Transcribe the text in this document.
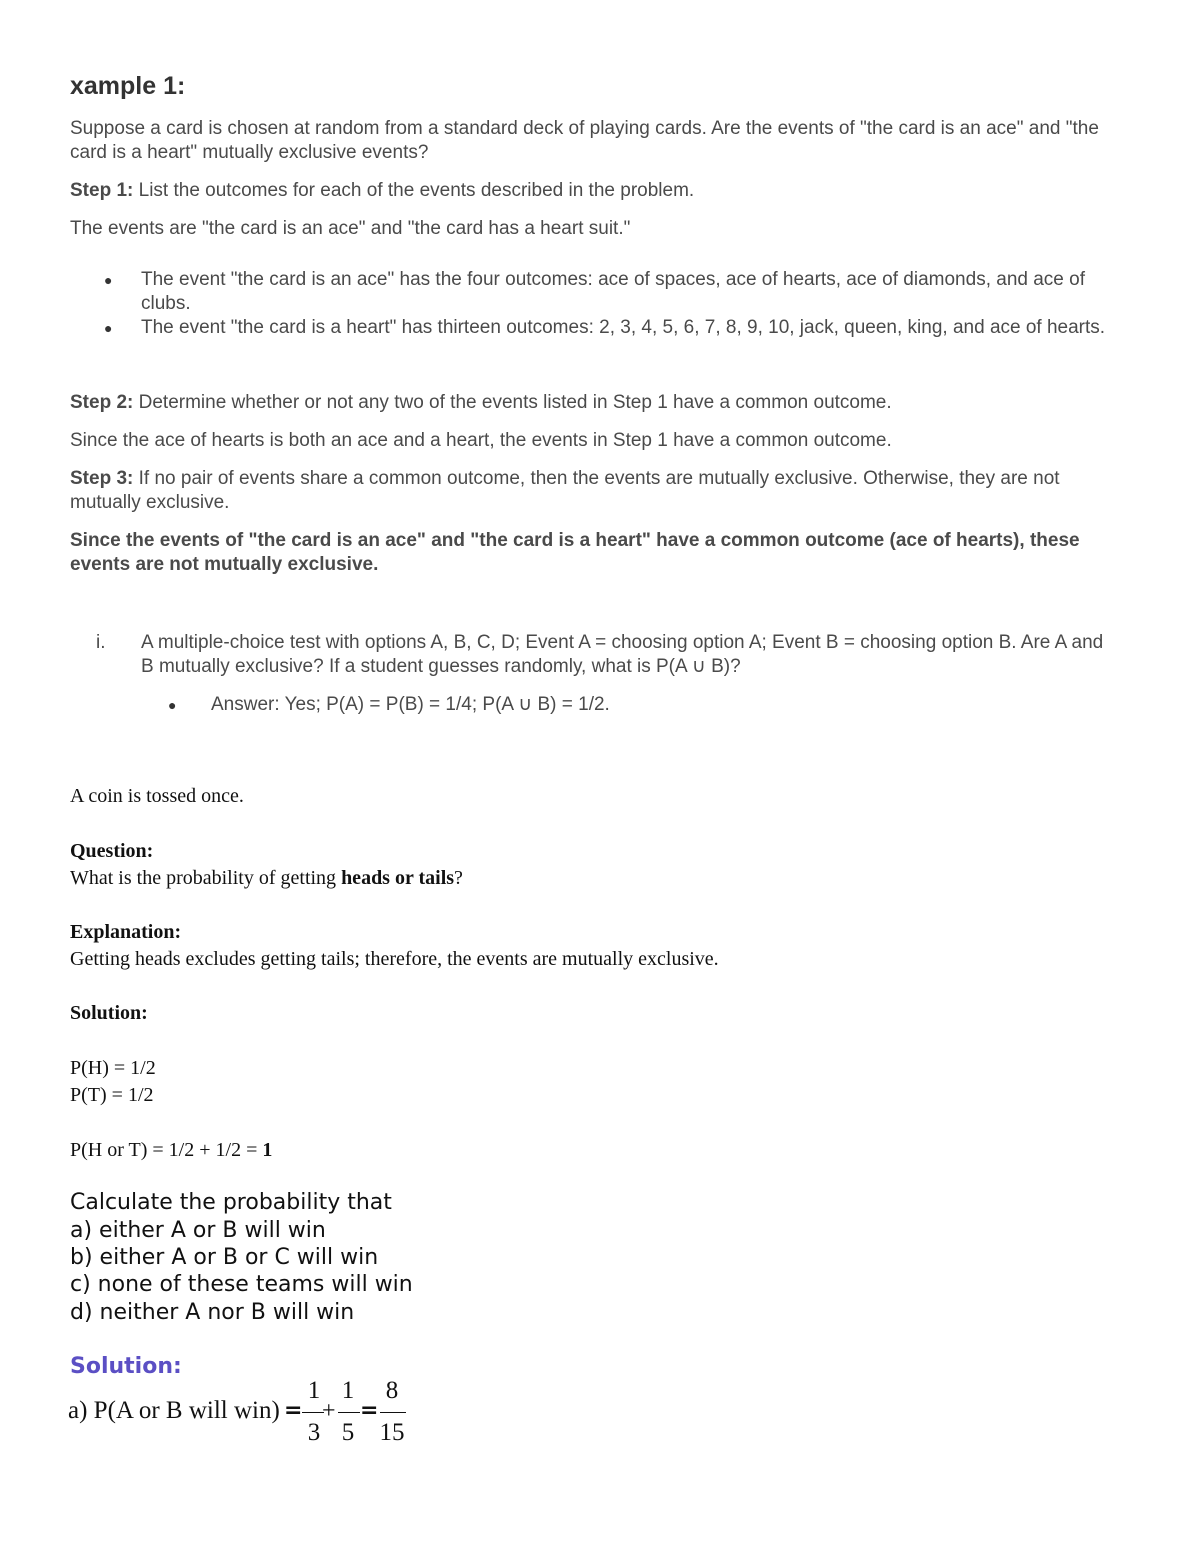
xample 1:
Suppose a card is chosen at random from a standard deck of playing cards. Are the events of "the card is an ace" and "the card is a heart" mutually exclusive events?
Step 1: List the outcomes for each of the events described in the problem.
The events are "the card is an ace" and "the card has a heart suit."
● The event "the card is an ace" has the four outcomes: ace of spaces, ace of hearts, ace of diamonds, and ace of clubs.
● The event "the card is a heart" has thirteen outcomes: 2, 3, 4, 5, 6, 7, 8, 9, 10, jack, queen, king, and ace of hearts.
Step 2: Determine whether or not any two of the events listed in Step 1 have a common outcome.
Since the ace of hearts is both an ace and a heart, the events in Step 1 have a common outcome.
Step 3: If no pair of events share a common outcome, then the events are mutually exclusive. Otherwise, they are not mutually exclusive.
Since the events of "the card is an ace" and "the card is a heart" have a common outcome (ace of hearts), these events are not mutually exclusive.
i. A multiple-choice test with options A, B, C, D; Event A = choosing option A; Event B = choosing option B. Are A and B mutually exclusive? If a student guesses randomly, what is P(A ∪ B)?
● Answer: Yes; P(A) = P(B) = 1/4; P(A ∪ B) = 1/2.
A coin is tossed once.
Question:
What is the probability of getting heads or tails?
Explanation:
Getting heads excludes getting tails; therefore, the events are mutually exclusive.
Solution:
P(H) = 1/2
P(T) = 1/2
P(H or T) = 1/2 + 1/2 = 1
Calculate the probability that
a) either A or B will win
b) either A or B or C will win
c) none of these teams will win
d) neither A nor B will win
Solution:
a) P(A or B will win) =
1
3
+
1
5
=
8
15
